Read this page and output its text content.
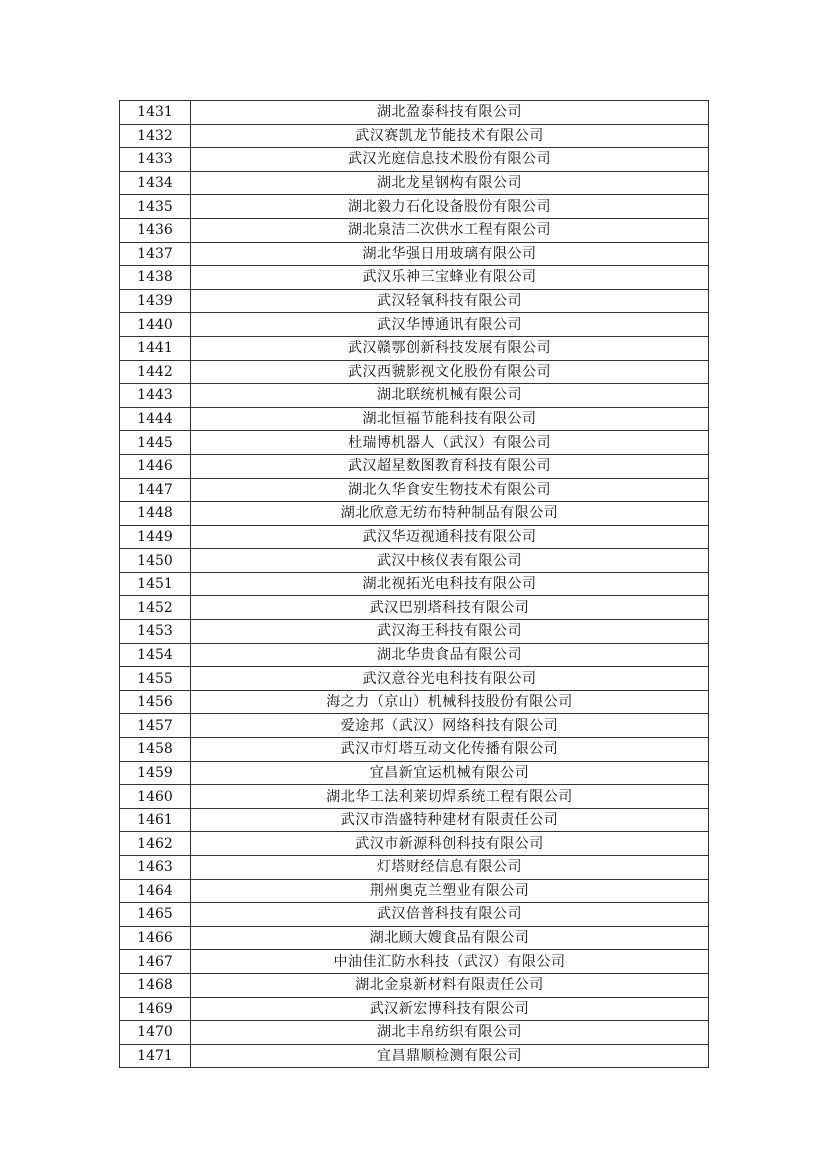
1431	湖北盈泰科技有限公司
1432	武汉赛凯龙节能技术有限公司
1433	武汉光庭信息技术股份有限公司
1434	湖北龙星钢构有限公司
1435	湖北毅力石化设备股份有限公司
1436	湖北泉洁二次供水工程有限公司
1437	湖北华强日用玻璃有限公司
1438	武汉乐神三宝蜂业有限公司
1439	武汉轻氧科技有限公司
1440	武汉华博通讯有限公司
1441	武汉赣鄂创新科技发展有限公司
1442	武汉西虢影视文化股份有限公司
1443	湖北联统机械有限公司
1444	湖北恒福节能科技有限公司
1445	杜瑞博机器人（武汉）有限公司
1446	武汉超星数图教育科技有限公司
1447	湖北久华食安生物技术有限公司
1448	湖北欣意无纺布特种制品有限公司
1449	武汉华迈视通科技有限公司
1450	武汉中核仪表有限公司
1451	湖北视拓光电科技有限公司
1452	武汉巴别塔科技有限公司
1453	武汉海王科技有限公司
1454	湖北华贵食品有限公司
1455	武汉意谷光电科技有限公司
1456	海之力（京山）机械科技股份有限公司
1457	爱途邦（武汉）网络科技有限公司
1458	武汉市灯塔互动文化传播有限公司
1459	宜昌新宜运机械有限公司
1460	湖北华工法利莱切焊系统工程有限公司
1461	武汉市浩盛特种建材有限责任公司
1462	武汉市新源科创科技有限公司
1463	灯塔财经信息有限公司
1464	荆州奥克兰塑业有限公司
1465	武汉倍普科技有限公司
1466	湖北顾大嫂食品有限公司
1467	中油佳汇防水科技（武汉）有限公司
1468	湖北金泉新材料有限责任公司
1469	武汉新宏博科技有限公司
1470	湖北丰帛纺织有限公司
1471	宜昌鼎顺检测有限公司
